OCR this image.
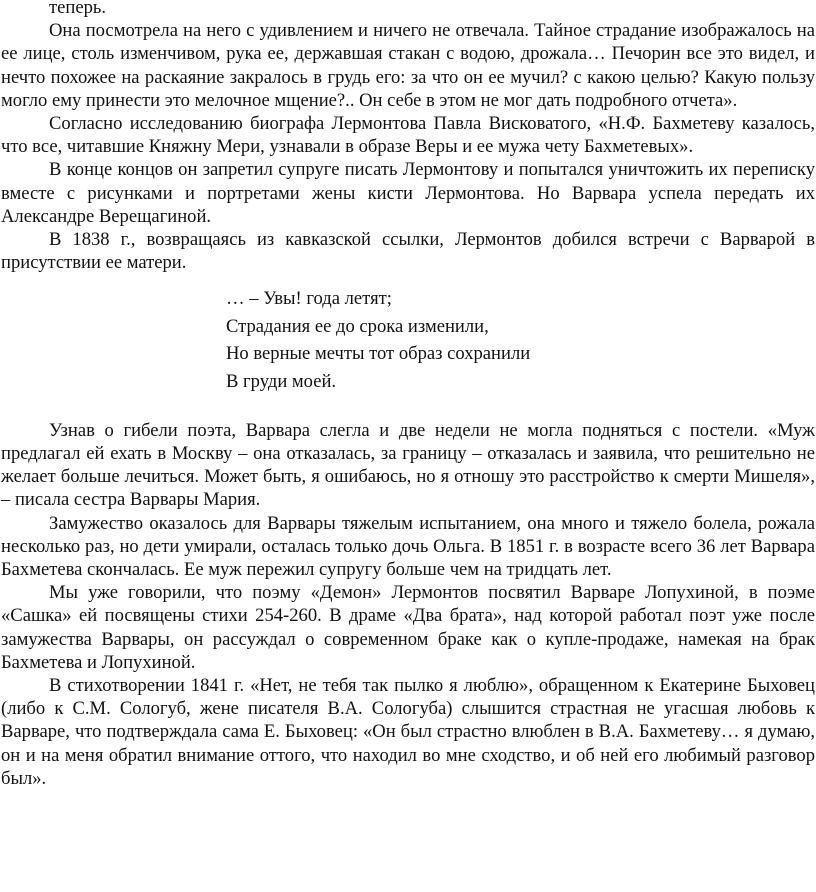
теперь.

Она посмотрела на него с удивлением и ничего не отвечала. Тайное страдание изображалось на ее лице, столь изменчивом, рука ее, державшая стакан с водою, дрожала… Печорин все это видел, и нечто похожее на раскаяние закралось в грудь его: за что он ее мучил? с какою целью? Какую пользу могло ему принести это мелочное мщение?.. Он себе в этом не мог дать подробного отчета».

Согласно исследованию биографа Лермонтова Павла Висковатого, «Н.Ф. Бахметеву казалось, что все, читавшие Княжну Мери, узнавали в образе Веры и ее мужа чету Бахметевых».

В конце концов он запретил супруге писать Лермонтову и попытался уничтожить их переписку вместе с рисунками и портретами жены кисти Лермонтова. Но Варвара успела передать их Александре Верещагиной.

В 1838 г., возвращаясь из кавказской ссылки, Лермонтов добился встречи с Варварой в присутствии ее матери.

… – Увы! года летят;
Страдания ее до срока изменили,
Но верные мечты тот образ сохранили
В груди моей.

Узнав о гибели поэта, Варвара слегла и две недели не могла подняться с постели. «Муж предлагал ей ехать в Москву – она отказалась, за границу – отказалась и заявила, что решительно не желает больше лечиться. Может быть, я ошибаюсь, но я отношу это расстройство к смерти Мишеля», – писала сестра Варвары Мария.

Замужество оказалось для Варвары тяжелым испытанием, она много и тяжело болела, рожала несколько раз, но дети умирали, осталась только дочь Ольга. В 1851 г. в возрасте всего 36 лет Варвара Бахметева скончалась. Ее муж пережил супругу больше чем на тридцать лет.

Мы уже говорили, что поэму «Демон» Лермонтов посвятил Варваре Лопухиной, в поэме «Сашка» ей посвящены стихи 254-260. В драме «Два брата», над которой работал поэт уже после замужества Варвары, он рассуждал о современном браке как о купле-продаже, намекая на брак Бахметева и Лопухиной.

В стихотворении 1841 г. «Нет, не тебя так пылко я люблю», обращенном к Екатерине Быховец (либо к С.М. Сологуб, жене писателя В.А. Сологуба) слышится страстная не угасшая любовь к Варваре, что подтверждала сама Е. Быховец: «Он был страстно влюблен в В.А. Бахметеву… я думаю, он и на меня обратил внимание оттого, что находил во мне сходство, и об ней его любимый разговор был».
